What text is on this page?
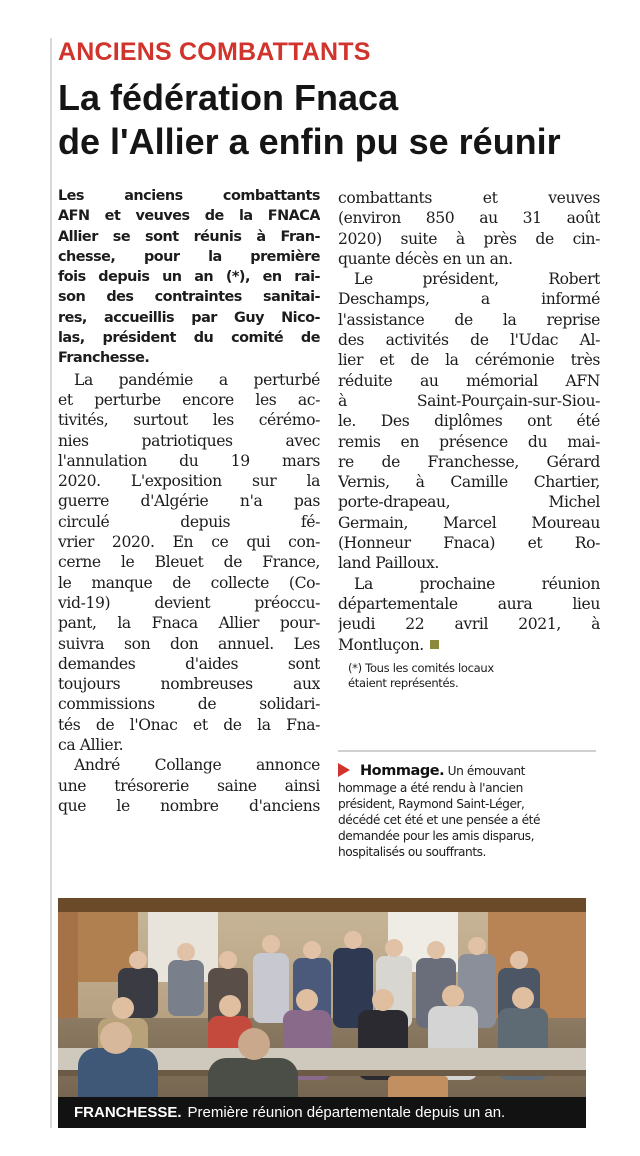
ANCIENS COMBATTANTS
La fédération Fnaca
de l'Allier a enfin pu se réunir
Les anciens combattants
AFN et veuves de la FNACA
Allier se sont réunis à Fran-
chesse, pour la première
fois depuis un an (*), en rai-
son des contraintes sanitai-
res, accueillis par Guy Nico-
las, président du comité de
Franchesse.
La pandémie a perturbé
et perturbe encore les ac-
tivités, surtout les cérémo-
nies patriotiques avec
l'annulation du 19 mars
2020. L'exposition sur la
guerre d'Algérie n'a pas
circulé depuis fé-
vrier 2020. En ce qui con-
cerne le Bleuet de France,
le manque de collecte (Co-
vid-19) devient préoccu-
pant, la Fnaca Allier pour-
suivra son don annuel. Les
demandes d'aides sont
toujours nombreuses aux
commissions de solidari-
tés de l'Onac et de la Fna-
ca Allier.
André Collange annonce
une trésorerie saine ainsi
que le nombre d'anciens
combattants et veuves
(environ 850 au 31 août
2020) suite à près de cin-
quante décès en un an.
Le président, Robert
Deschamps, a informé
l'assistance de la reprise
des activités de l'Udac Al-
lier et de la cérémonie très
réduite au mémorial AFN
à Saint-Pourçain-sur-Siou-
le. Des diplômes ont été
remis en présence du mai-
re de Franchesse, Gérard
Vernis, à Camille Chartier,
porte-drapeau, Michel
Germain, Marcel Moureau
(Honneur Fnaca) et Ro-
land Pailloux.
La prochaine réunion
départementale aura lieu
jeudi 22 avril 2021, à
Montluçon.
(*) Tous les comités locaux
étaient représentés.
Hommage. Un émouvant
hommage a été rendu à l'ancien
président, Raymond Saint-Léger,
décédé cet été et une pensée a été
demandée pour les amis disparus,
hospitalisés ou souffrants.
FRANCHESSE. Première réunion départementale depuis un an.
